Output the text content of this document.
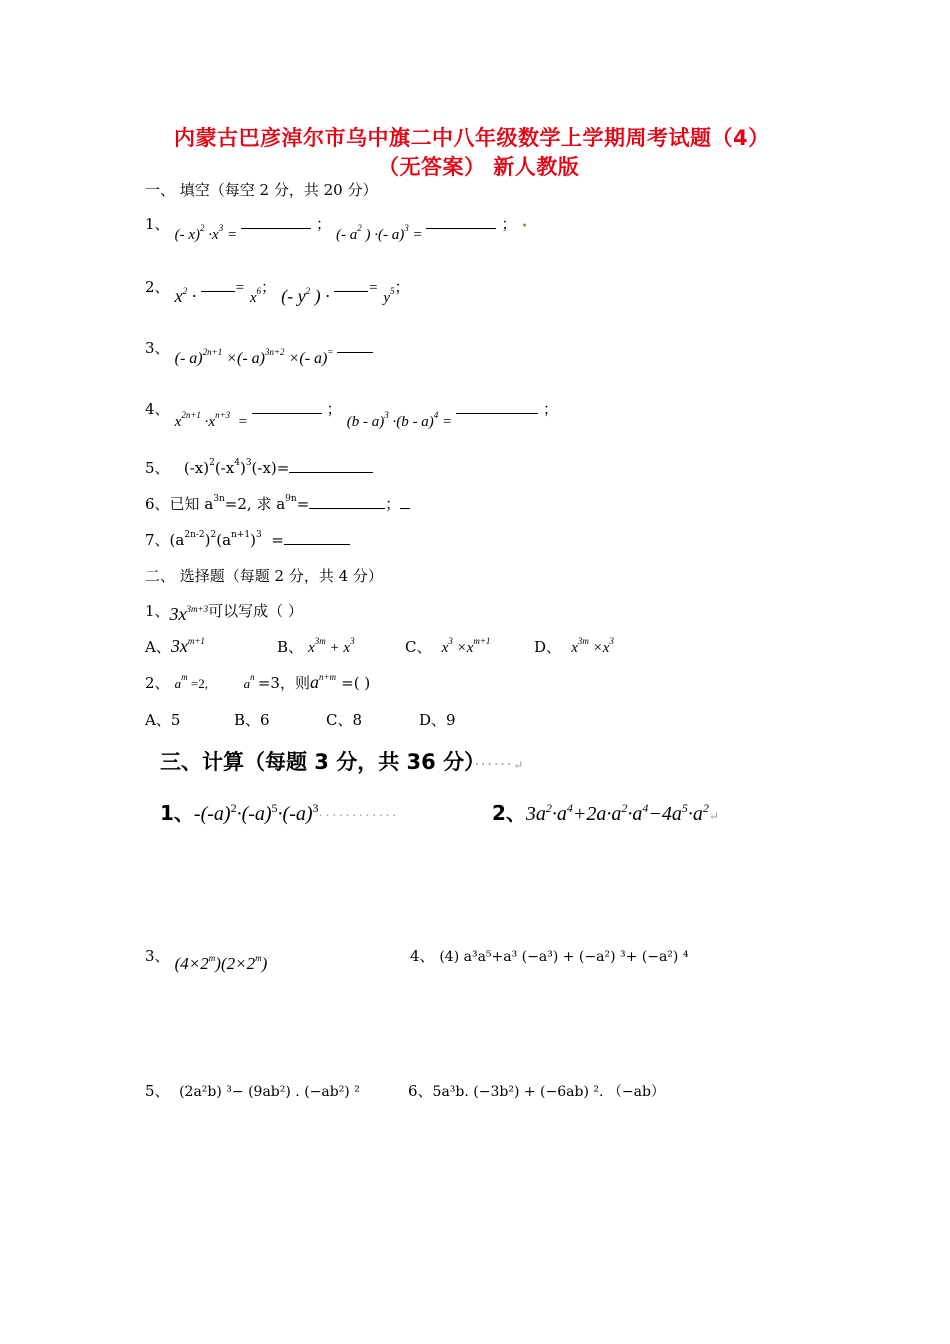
内蒙古巴彦淖尔市乌中旗二中八年级数学上学期周考试题（4）
（无答案） 新人教版
一、 填空（每空 2 分，共 20 分）
1、 (- $x)^2 \cdot x^3$ =  ； (- $a^2$ ) ·(- a)$^3$ =  ； •
2、 $x^2$ ·	= $x^6$； (- $y^2$ ) ·	= $y^5$；
3、 (- a)$^{2n+1}$ ×(- a)$^{3n+2}$ ×(- a)=
4、 $x^{2n+1} \cdot x^{n+3}$ =  ； (b - a)$^3$ ·(b - a)$^4$ =  ；
5、 $(-x)^2(-x^4)^3(-x)=$
6、已知 $a^{3n}=2$, 求 $a^{9n}=$	；
7、$(a^{2n-2})^2(a^{n+1})^3$ =
二、 选择题（每题 2 分，共 4 分）
1、$3x^{3m+3}$可以写成（ ）
A、$3x^{m+1}$	B、 $x^{3m} + x^3$	C、 $x^3 \times x^{m+1}$	D、 $x^{3m} \times x^3$
2、 $a^m =2$,	$a^n =3$，则$a^{n+m}$ =( )
A、5	B、6	C、8	D、9
三、计算（每题 3 分，共 36 分）······↵
1、$-(-a)^2\cdot(-a)^5\cdot(-a)^3\cdot\cdot\cdot\cdot\cdot\cdot\cdot\cdot\cdot\cdot\cdot\cdot$	2、$3a^2\cdot a^4+2a\cdot a^2\cdot a^4-4a^5\cdot a^2↵$
3、 $(4\times 2^m)(2\times 2^m)$	4、 (4) a³a⁵+a³ (−a³) + (−a²) ³+ (−a²) ⁴
5、 (2a²b) ³− (9ab²) . (−ab²) ²	6、5a³b. (−3b²) + (−6ab) ². （−ab）
